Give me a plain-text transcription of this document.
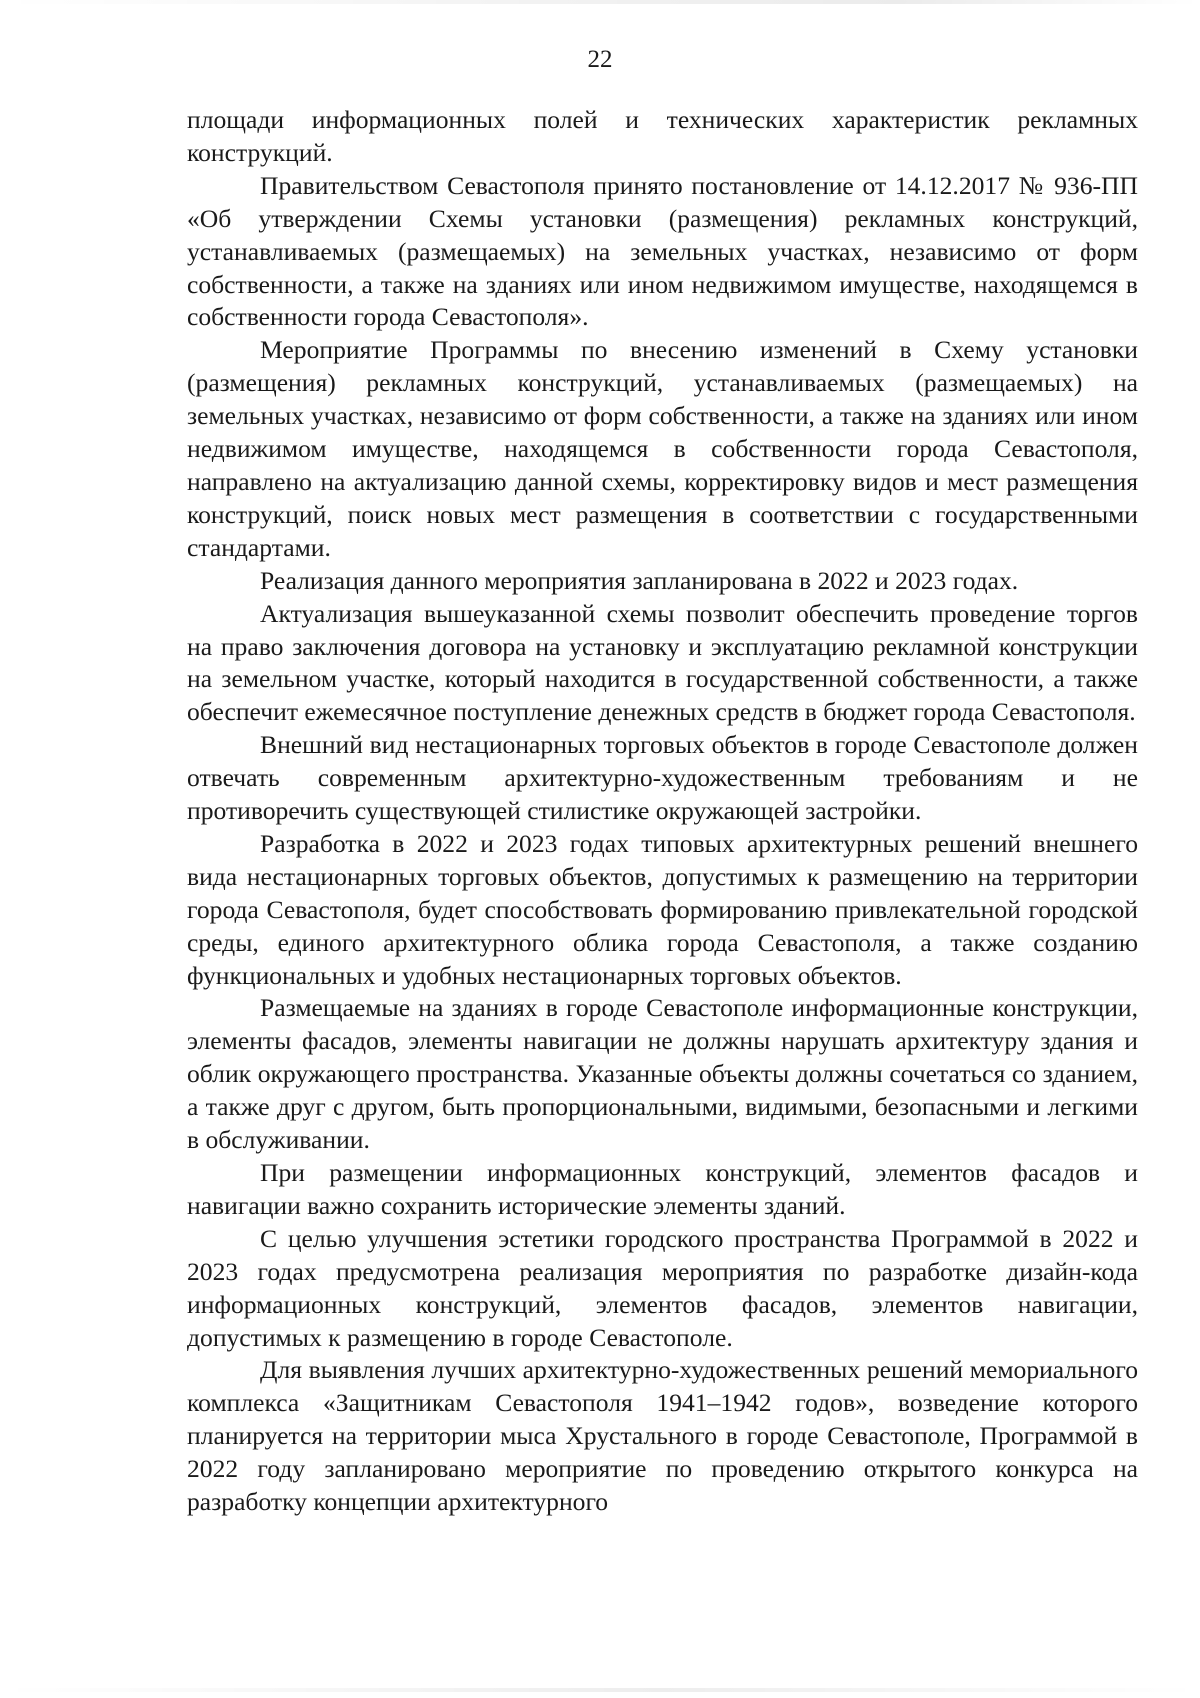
22

площади информационных полей и технических характеристик рекламных конструкций.

Правительством Севастополя принято постановление от 14.12.2017 № 936-ПП «Об утверждении Схемы установки (размещения) рекламных конструкций, устанавливаемых (размещаемых) на земельных участках, независимо от форм собственности, а также на зданиях или ином недвижимом имуществе, находящемся в собственности города Севастополя».

Мероприятие Программы по внесению изменений в Схему установки (размещения) рекламных конструкций, устанавливаемых (размещаемых) на земельных участках, независимо от форм собственности, а также на зданиях или ином недвижимом имуществе, находящемся в собственности города Севастополя, направлено на актуализацию данной схемы, корректировку видов и мест размещения конструкций, поиск новых мест размещения в соответствии с государственными стандартами.

Реализация данного мероприятия запланирована в 2022 и 2023 годах.

Актуализация вышеуказанной схемы позволит обеспечить проведение торгов на право заключения договора на установку и эксплуатацию рекламной конструкции на земельном участке, который находится в государственной собственности, а также обеспечит ежемесячное поступление денежных средств в бюджет города Севастополя.

Внешний вид нестационарных торговых объектов в городе Севастополе должен отвечать современным архитектурно-художественным требованиям и не противоречить существующей стилистике окружающей застройки.

Разработка в 2022 и 2023 годах типовых архитектурных решений внешнего вида нестационарных торговых объектов, допустимых к размещению на территории города Севастополя, будет способствовать формированию привлекательной городской среды, единого архитектурного облика города Севастополя, а также созданию функциональных и удобных нестационарных торговых объектов.

Размещаемые на зданиях в городе Севастополе информационные конструкции, элементы фасадов, элементы навигации не должны нарушать архитектуру здания и облик окружающего пространства. Указанные объекты должны сочетаться со зданием, а также друг с другом, быть пропорциональными, видимыми, безопасными и легкими в обслуживании.

При размещении информационных конструкций, элементов фасадов и навигации важно сохранить исторические элементы зданий.

С целью улучшения эстетики городского пространства Программой в 2022 и 2023 годах предусмотрена реализация мероприятия по разработке дизайн-кода информационных конструкций, элементов фасадов, элементов навигации, допустимых к размещению в городе Севастополе.

Для выявления лучших архитектурно-художественных решений мемориального комплекса «Защитникам Севастополя 1941–1942 годов», возведение которого планируется на территории мыса Хрустального в городе Севастополе, Программой в 2022 году запланировано мероприятие по проведению открытого конкурса на разработку концепции архитектурного
